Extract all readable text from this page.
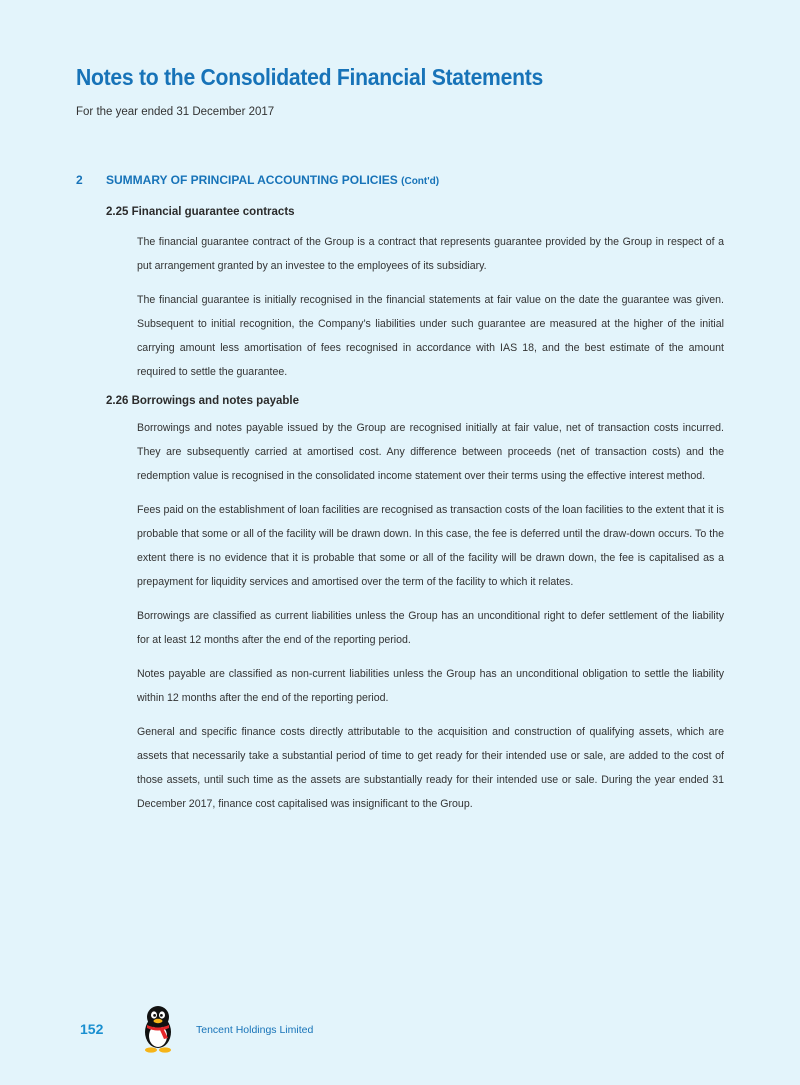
Notes to the Consolidated Financial Statements

For the year ended 31 December 2017

2 SUMMARY OF PRINCIPAL ACCOUNTING POLICIES (Cont'd)
2.25 Financial guarantee contracts

The financial guarantee contract of the Group is a contract that represents guarantee provided by the Group in respect of a put arrangement granted by an investee to the employees of its subsidiary.

The financial guarantee is initially recognised in the financial statements at fair value on the date the guarantee was given. Subsequent to initial recognition, the Company’s liabilities under such guarantee are measured at the higher of the initial carrying amount less amortisation of fees recognised in accordance with IAS 18, and the best estimate of the amount required to settle the guarantee.

2.26 Borrowings and notes payable

Borrowings and notes payable issued by the Group are recognised initially at fair value, net of transaction costs incurred. They are subsequently carried at amortised cost. Any difference between proceeds (net of transaction costs) and the redemption value is recognised in the consolidated income statement over their terms using the effective interest method.

Fees paid on the establishment of loan facilities are recognised as transaction costs of the loan facilities to the extent that it is probable that some or all of the facility will be drawn down. In this case, the fee is deferred until the draw-down occurs. To the extent there is no evidence that it is probable that some or all of the facility will be drawn down, the fee is capitalised as a prepayment for liquidity services and amortised over the term of the facility to which it relates.

Borrowings are classified as current liabilities unless the Group has an unconditional right to defer settlement of the liability for at least 12 months after the end of the reporting period.

Notes payable are classified as non-current liabilities unless the Group has an unconditional obligation to settle the liability within 12 months after the end of the reporting period.

General and specific finance costs directly attributable to the acquisition and construction of qualifying assets, which are assets that necessarily take a substantial period of time to get ready for their intended use or sale, are added to the cost of those assets, until such time as the assets are substantially ready for their intended use or sale. During the year ended 31 December 2017, finance cost capitalised was insignificant to the Group.

152	Tencent Holdings Limited
